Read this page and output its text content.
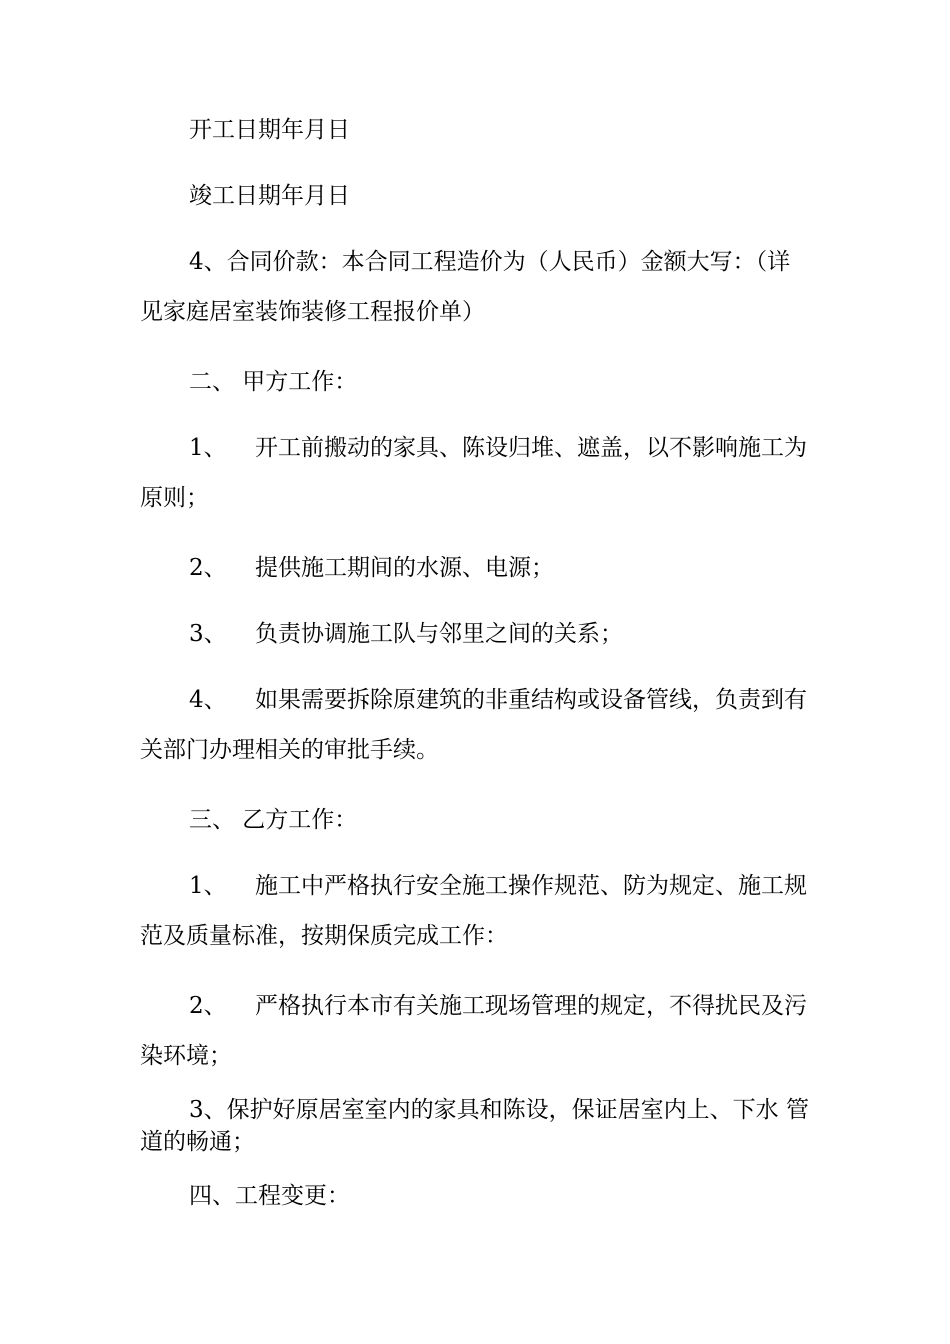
开工日期年月日
竣工日期年月日
4、合同价款：本合同工程造价为（人民币）金额大写：（详
见家庭居室装饰装修工程报价单）
二、 甲方工作：
1、 开工前搬动的家具、陈设归堆、遮盖，以不影响施工为
原则；
2、 提供施工期间的水源、电源；
3、 负责协调施工队与邻里之间的关系；
4、 如果需要拆除原建筑的非重结构或设备管线，负责到有
关部门办理相关的审批手续。
三、 乙方工作：
1、 施工中严格执行安全施工操作规范、防为规定、施工规
范及质量标准，按期保质完成工作：
2、 严格执行本市有关施工现场管理的规定，不得扰民及污
染环境；
3、保护好原居室室内的家具和陈设，保证居室内上、下水 管
道的畅通；
四、工程变更：
